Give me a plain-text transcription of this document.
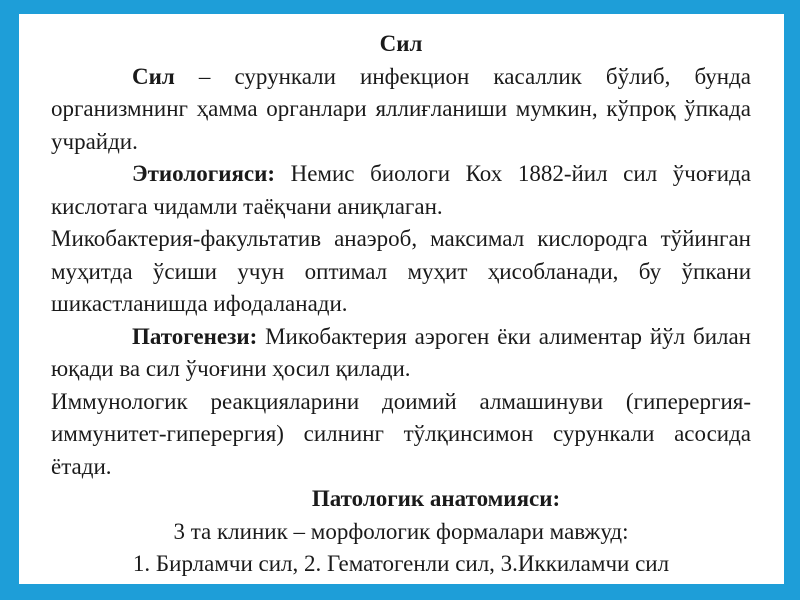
Сил

Сил – сурункали инфекцион касаллик бўлиб, бунда организмнинг ҳамма органлари яллиғланиши мумкин, кўпроқ ўпкада учрайди.

Этиологияси: Немис биологи Кох 1882-йил сил ўчоғида кислотага чидамли таёқчани аниқлаган.

Микобактерия-факультатив анаэроб, максимал кислородга тўйинган муҳитда ўсиши учун оптимал муҳит ҳисобланади, бу ўпкани шикастланишда ифодаланади.

Патогенези: Микобактерия аэроген ёки алиментар йўл билан юқади ва сил ўчоғини ҳосил қилади.

Иммунологик реакцияларини доимий алмашинуви (гиперергия-иммунитет-гиперергия) силнинг тўлқинсимон сурункали асосида ётади.

Патологик анатомияси:

3 та клиник – морфологик формалари мавжуд:

1. Бирламчи сил, 2. Гематогенли сил, 3.Иккиламчи сил
